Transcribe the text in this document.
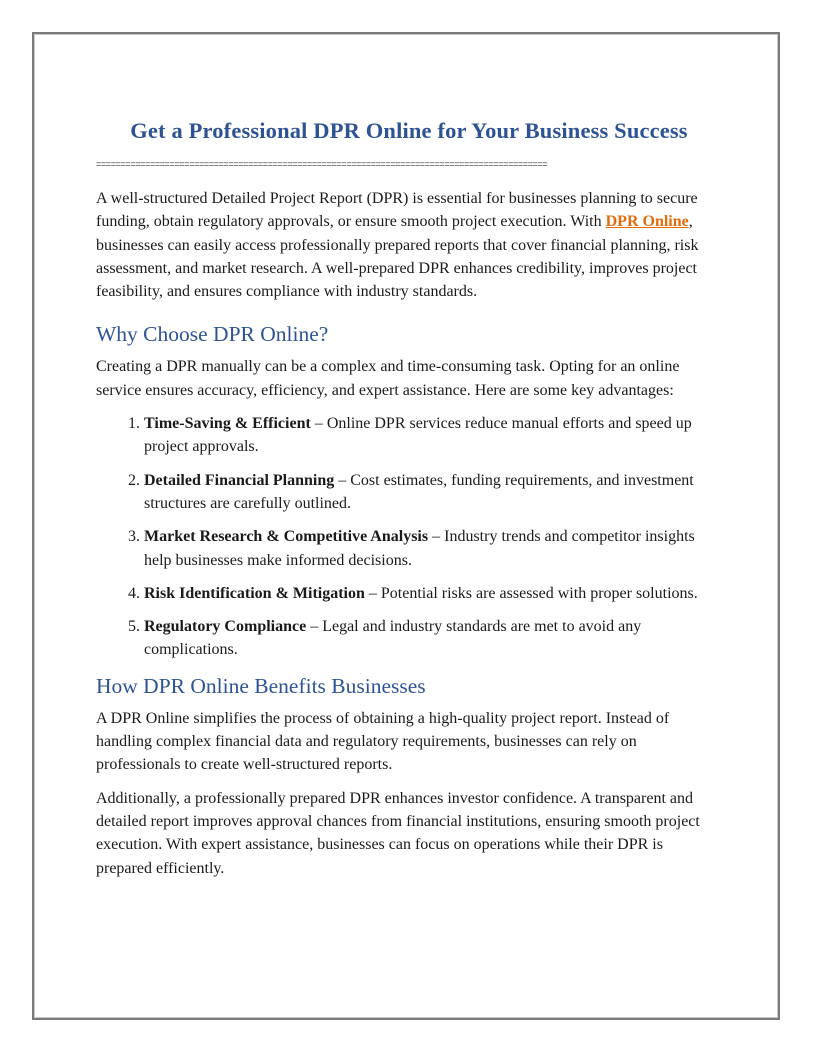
Get a Professional DPR Online for Your Business Success
============================================================================================

A well-structured Detailed Project Report (DPR) is essential for businesses planning to secure funding, obtain regulatory approvals, or ensure smooth project execution. With DPR Online, businesses can easily access professionally prepared reports that cover financial planning, risk assessment, and market research. A well-prepared DPR enhances credibility, improves project feasibility, and ensures compliance with industry standards.

Why Choose DPR Online?

Creating a DPR manually can be a complex and time-consuming task. Opting for an online service ensures accuracy, efficiency, and expert assistance. Here are some key advantages:

1. Time-Saving & Efficient – Online DPR services reduce manual efforts and speed up project approvals.
2. Detailed Financial Planning – Cost estimates, funding requirements, and investment structures are carefully outlined.
3. Market Research & Competitive Analysis – Industry trends and competitor insights help businesses make informed decisions.
4. Risk Identification & Mitigation – Potential risks are assessed with proper solutions.
5. Regulatory Compliance – Legal and industry standards are met to avoid any complications.
How DPR Online Benefits Businesses

A DPR Online simplifies the process of obtaining a high-quality project report. Instead of handling complex financial data and regulatory requirements, businesses can rely on professionals to create well-structured reports.

Additionally, a professionally prepared DPR enhances investor confidence. A transparent and detailed report improves approval chances from financial institutions, ensuring smooth project execution. With expert assistance, businesses can focus on operations while their DPR is prepared efficiently.
